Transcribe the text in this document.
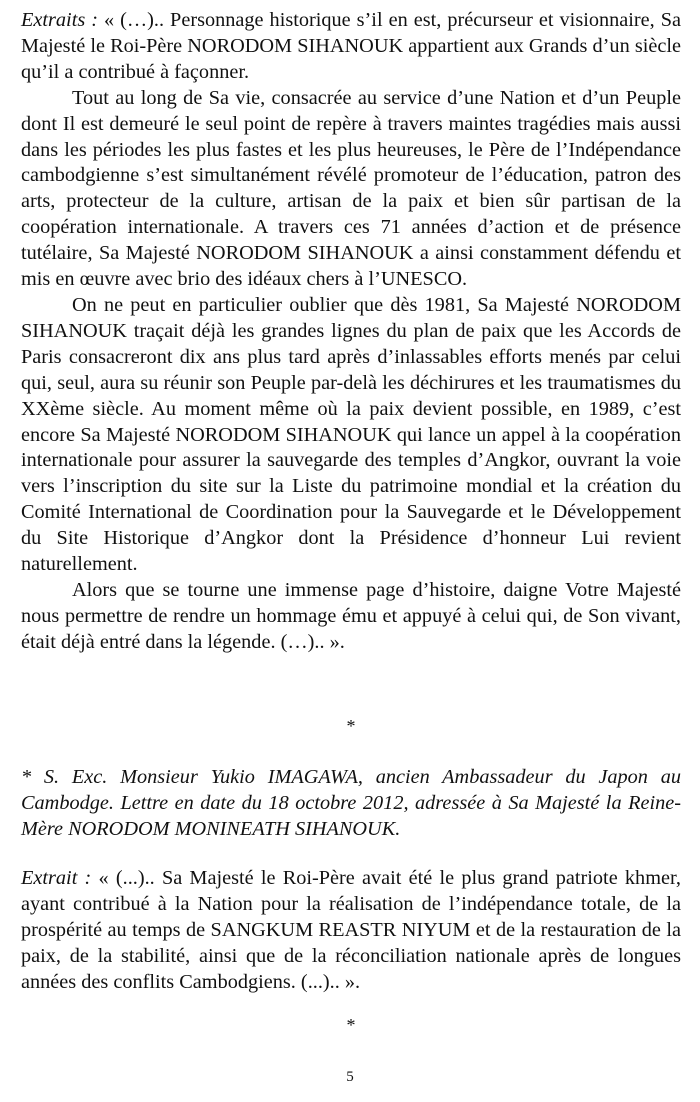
Extraits : « (…).. Personnage historique s’il en est, précurseur et visionnaire, Sa Majesté le Roi-Père NORODOM SIHANOUK appartient aux Grands d’un siècle qu’il a contribué à façonner.

Tout au long de Sa vie, consacrée au service d’une Nation et d’un Peuple dont Il est demeuré le seul point de repère à travers maintes tragédies mais aussi dans les périodes les plus fastes et les plus heureuses, le Père de l’Indépendance cambodgienne s’est simultanément révélé promoteur de l’éducation, patron des arts, protecteur de la culture, artisan de la paix et bien sûr partisan de la coopération internationale. A travers ces 71 années d’action et de présence tutélaire, Sa Majesté NORODOM SIHANOUK a ainsi constamment défendu et mis en œuvre avec brio des idéaux chers à l’UNESCO.

On ne peut en particulier oublier que dès 1981, Sa Majesté NORODOM SIHANOUK traçait déjà les grandes lignes du plan de paix que les Accords de Paris consacreront dix ans plus tard après d’inlassables efforts menés par celui qui, seul, aura su réunir son Peuple par-delà les déchirures et les traumatismes du XXème siècle. Au moment même où la paix devient possible, en 1989, c’est encore Sa Majesté NORODOM SIHANOUK qui lance un appel à la coopération internationale pour assurer la sauvegarde des temples d’Angkor, ouvrant la voie vers l’inscription du site sur la Liste du patrimoine mondial et la création du Comité International de Coordination pour la Sauvegarde et le Développement du Site Historique d’Angkor dont la Présidence d’honneur Lui revient naturellement.

Alors que se tourne une immense page d’histoire, daigne Votre Majesté nous permettre de rendre un hommage ému et appuyé à celui qui, de Son vivant, était déjà entré dans la légende. (…).. ».

*

* S. Exc. Monsieur Yukio IMAGAWA, ancien Ambassadeur du Japon au Cambodge. Lettre en date du 18 octobre 2012, adressée à Sa Majesté la Reine-Mère NORODOM MONINEATH SIHANOUK.

Extrait : « (...).. Sa Majesté le Roi-Père avait été le plus grand patriote khmer, ayant contribué à la Nation pour la réalisation de l’indépendance totale, de la prospérité au temps de SANGKUM REASTR NIYUM et de la restauration de la paix, de la stabilité, ainsi que de la réconciliation nationale après de longues années des conflits Cambodgiens. (...).. ».

*
5
